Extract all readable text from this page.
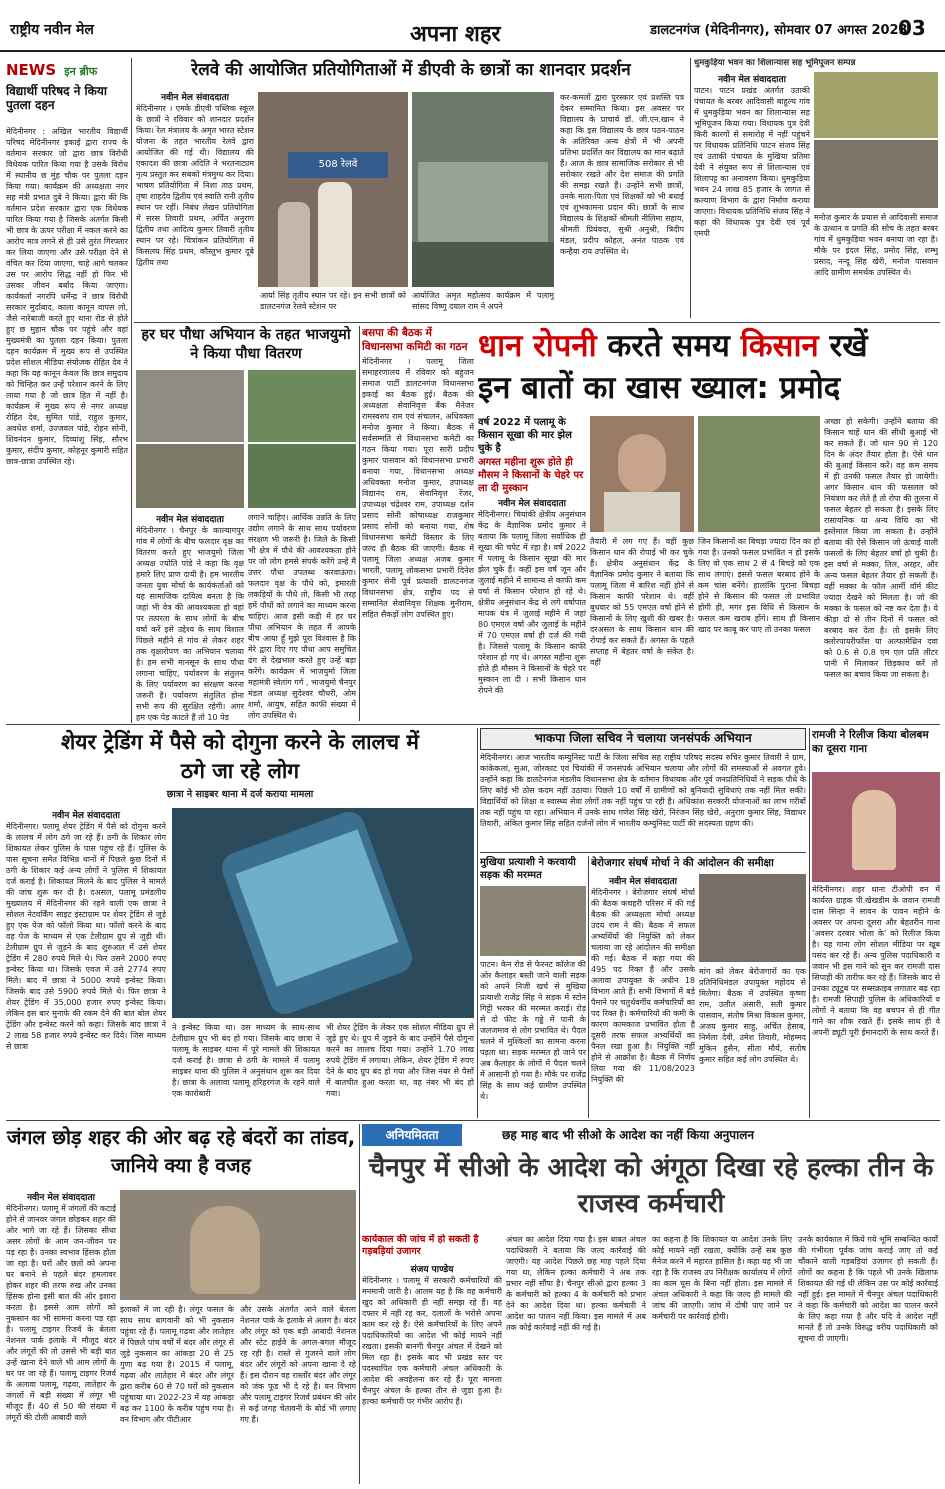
राष्ट्रीय नवीन मेल	अपना शहर	डालटनगंज (मेदिनीनगर), सोमवार 07 अगस्त 2023
03
NEWS इन ब्रीफ
विद्यार्थी परिषद ने किया पुतला दहन
मेदिनीनगर : अखिल भारतीय विद्यार्थी परिषद मेदिनीनगर इकाई द्वारा राज्य के वर्तमान सरकार जो द्वारा छात्र विरोधी विधेयक पारित किया गया है उसके विरोध में स्थानीय छ मुंह चौक पर पुतला दहन किया गया। कार्यक्रम की अध्यक्षता नगर सह मंत्री प्रभात दुबे ने किया। द्वारा की कि वर्तमान प्रदेश सरकार द्वारा एक विधेयक पारित किया गया है जिसके अंतर्गत किसी भी छात्र के ऊपर परीक्षा में नकल करने का आरोप मात्र लगने से ही उसे तुरंत गिरफ्तार कर लिया जाएगा और उसे परीक्षा देने से वंचित कर दिया जाएगा, चाहे आगे चलकर उस पर आरोप सिद्ध नहीं हो फिर भी उसका जीवन बर्बाद किया जाएगा। कार्यकर्ता नगरपि धर्मेन्द्र ने छात्र विरोधी सरकार मुर्दाबाद, काला कानून वापस लो, जैसे नारेबाजी करते हुए थाना रोड से होते हुए छ मुहान चौक पर पहुंचे और वहां मुख्यमंत्री का पुतला दहन किया। पुतला दहन कार्यक्रम में मुख्य रूप से उपस्थित प्रदेश सोशल मीडिया संयोजक रोहित देव ने कहा कि यह कानून केवल कि छात्र समुदाय को चिन्हित कर उन्हें परेशान करने के लिए लाया गया है जो छात्र हित में नहीं है। कार्यक्रम में मुख्य रूप से नगर अध्यक्ष रोहित देव, सुमित पांडे, राहुल कुमार, अवधेश शर्मा, उज्जवल पांडे, रोहन सोनी, शिवनंदन कुमार, दिव्यांशु सिंह, सौरभ कुमार, संदीप कुमार, कोहनूर कुमारी सहित छात्र-छात्रा उपस्थित रहे।
रेलवे की आयोजित प्रतियोगिताओं में डीएवी के छात्रों का शानदार प्रदर्शन
नवीन मेल संवाददाता
मेदिनीनगर । एमके डीएवी पब्लिक स्कूल के छात्रों ने रविवार को शानदार प्रदर्शन किया। रेल मंत्रालय के अमृत भारत स्टेशन योजना के तहत भारतीय रेलवे द्वारा आयोजित की गई थी। विद्यालय की एकादश की छात्रा अदिति ने भरतनाट्यम नृत्य प्रस्तुत कर सबको मंत्रमुग्ध कर दिया। भाषण प्रतियोगिता में निशा ताठ प्रथम, तृषा शाहदेव द्वितीय एवं स्वाति रानी तृतीय स्थान पर रहीं। निबंध लेखन प्रतियोगिता में सरस तिवारी प्रथम, अर्पित अनुराग द्वितीय तथा आदित्य कुमार तिवारी तृतीय स्थान पर रहे। चित्रांकन प्रतियोगिता में किसलय सिंह प्रथम, कौस्तुभ कुमार दूबे द्वितीय तथा
508 रेलवे
आर्या सिंह तृतीय स्थान पर रहे। इन सभी छात्रों को डालटनगंज रेलवे स्टेशन पर
आयोजित अमृत महोत्सव कार्यक्रम में पलामू सांसद विष्णु दयाल राम ने अपने
कर-कमलों द्वारा पुरस्कार एवं प्रशस्ति पत्र देकर सम्मानित किया। इस अवसर पर विद्यालय के प्राचार्य डॉ. जी.एन.खान ने कहा कि इस विद्यालय के छात्र पठन-पाठन के अतिरिक्त अन्य क्षेत्रों में भी अपनी प्रतिभा प्रदर्शित कर विद्यालय का मान बढ़ाते हैं। आज के छात्र सामाजिक सरोकार से भी सरोकार रखते और देश समाज की प्रगति की समझ रखते हैं। उन्होंने सभी छात्रों, उनके माता-पिता एवं शिक्षकों को भी बधाई एवं शुभकामना प्रदान की। छात्रों के साथ विद्यालय के शिक्षकों श्रीमती नीलिमा सहाय, श्रीमती प्रियंवदा, सुश्री अनुश्री, त्रिदीप मंडल, प्रदीप कोहल, अनंत पाठक एवं कन्हैया राय उपस्थित थे।
धुमकुड़िया भवन का शिलान्यास सह भूमिपूजन सम्पन्न
नवीन मेल संवाददाता
पाटन। पाटन प्रखंड अंतर्गत उताकी पंचायत के बरबर आदिवासी बाहुल्य गांव में धुमकुड़िया भवन का शिलान्यास सह भूमिपूजन किया गया। विधायक पुत्र देवी किरी कारगों से समारोह में नहीं पहुंचने पर विधायक प्रतिनिधि पाटन संजय सिंह एवं उताकी पंचायत के मुखिया प्रतिमा देवी ने संयुक्त रूप से शिलान्यास एवं शिलापट्ट का अनावरण किया। धुमकुड़िया भवन 24 लाख 85 हजार के लागत से कल्याण विभाग के द्वारा निर्माण कराया जाएगा। विधायक प्रतिनिधि संजय सिंह ने कहा की विधायक पुत्र देवी एवं पूर्व एमपी
मनोज कुमार के प्रयास से आदिवासी समाज के उत्थान व प्रगति की सोच के तहत बरबर गांव में धुमकुड़िया भवन बनाया जा रहा है। मौके पर इंदल सिंह, प्रमोद सिंह, शम्भु प्रसाद, नन्दू सिंह खेरी, मनोज पासवान आदि ग्रामीण समर्थक उपस्थित थे।
हर घर पौधा अभियान के तहत भाजयुमो ने किया पौधा वितरण
नवीन मेल संवाददाता
मेदिनीनगर । चैनपुर के काल्यागपुर गांव में लोगों के बीच फलदार वृक्ष का वितरण करते हुए भाजयुमो जिला अध्यक्ष ज्योति पांडे ने कहा कि वृक्ष हमारे लिए प्राण दायी है। हम भारतीय जनता युवा मोर्चा के कार्यकर्ताओं को यह सामाजिक दायित्व बनता है कि जहां भी वेत्र की आवश्यकता हो वहां पर तत्परता के साथ लोगों के बीच वर्षा करें इसे उद्देश्य के साथ विशाल पिछले महीने से गांव से लेकर शहर तक वृक्षारोपण का अभियान चलाया है। हम सभी मानसून के साथ पौधा लगाना चाहिए, पर्यावरण के संतुलन के लिए पर्यावरण का संरक्षण करना जरूरी है। पर्यावरण संतुलित होना सभी रूप की सुरक्षित रहेगी। अगर हम एक पेड़ काटते हैं तो 10 पेड़
लगाने चाहिए। आर्थिक उन्नति के लिए उद्योग लगाने के साथ साथ पर्यावरण संरक्षण भी जरूरी है। जिले के किसी भी क्षेत्र में पौधे की आवश्यकता होने पर जो लोग हमसे संपर्क करेंगे उन्हें मैं उत्तर पौधा उपलब्ध करवाऊंगा। फलदार वृक्ष के पौधे को, इमारती लकड़ियों के पौधे तो, किसी भी तरह हमें पौधों को लगाने का माध्यम करना चाहिए। आज इसी कड़ी में हर घर पौधा अभियान के तहत मैं आपके बीच आया हूँ मुझे पूरा विश्वास है कि मेरे द्वारा दिए गए पौधा आप समुचित ढंग से देखभाल करते हुए उन्हें बड़ा करेंगे। कार्यक्रम में भाजयुमो जिला महामंत्री स्वेतांग गर्ग , भाजयुमो चैनपुर मंडल अध्यक्ष सुदेश्वर चौधरी, ओम शर्मा, आयुष, सहित काफी संख्या में लोग उपस्थित थे।
बसपा की बैठक में विधानसभा कमिटी का गठन
मेदिनीनगर । पलामू जिला समाहरणालय में रविवार को बहुजन समाज पार्टी डालटनगंज विधानसभा इकाई का बैठक हुई। बैठक की अध्यक्षता सेवानिवृत्त बैंक मैनेजर रामस्वरुप राम एवं संचालन, अधिवक्ता मनोज कुमार ने किया। बैठक में सर्वसम्मति से विधानसभा कमेटी का गठन किया गया। पूरा सारी प्रदीप कुमार पासवान को विधानसभा प्रभारी बनाया गया, विधानसभा अध्यक्ष अधिवक्ता मनोज कुमार, उपाध्यक्ष विद्यानंद राम, सेवानिवृत्त रेंजर, उपाध्यक्ष चंद्रेश्वर राम, उपाध्यक्ष दर्शन प्रसाद सोनी कोषाध्यक्ष राजकुमार प्रसाद सोनी को बनाया गया, शेष विधानसभा कमेटी विस्तार के लिए जल्द ही बैठक की जाएगी। बैठक में पलामू जिला अध्यक्ष अजब कुमार भारती, पलामू लोकसभा प्रभारी दिनेश कुमार सेनी पूर्व प्रत्याशी डालटनगंज विधानसभा क्षेत्र, राष्ट्रीय पद से सम्मानित सेवानिवृत्त शिक्षक मुनीराम, सहित सैकड़ों लोग उपस्थित हुए।
धान रोपनी करते समय किसान रखें
इन बातों का खास ख्याल: प्रमोद
वर्ष 2022 में पलामू के किसान सूखा की मार झेल चुके है
अगस्त महीना शुरू होते ही मौसम ने किसानों के चेहरे पर ला दी मुस्कान
नवीन मेल संवाददाता
मेदिनीनगर। चियांकी क्षेत्रीय अनुसंधान केंद्र के वैज्ञानिक प्रमोद कुमार ने बताया कि पलामू जिला सर्वाधिक ही सूखा की चपेट में रहा है। वर्ष 2022 में पलामू के किसान सूखा की मार झेल चुके हैं। कहीं इस वर्ष जून और जुलाई महीने में सामान्य से काफी कम वर्षा से किसान परेशान हो रहे थे। क्षेत्रीय अनुसंधान केंद्र से लगे वर्षापात मापक यंत्र में जुलाई महीने में जहां 80 एमएल वर्षा और जुलाई के महीने में 70 एमएल वर्षा ही दर्ज की गयी है। जिससे पलामू के किसान काफी परेशान हो गए थे। अगस्त महीना शुरू होते ही मौसम ने किसानों के चेहरे पर मुस्कान ला दी । सभी किसान धान रोपने की
तैयारी में लग गए हैं। वहीं कुछ किसान धान की रोपाई भी कर चुके हैं। क्षेत्रीय अनुसंधान केंद्र के वैज्ञानिक प्रमोद कुमार ने बताया कि पलामू जिला में बारिश नहीं होने से किसान काफी परेशान थे। वहीं बुधवार को 55 एमएल वर्षा होने से किसानों के लिए खुशी की खबर है। दरअसल के साथ किसान धान की रोपाई कर सकते हैं। अगस्त के पहले सप्ताह में बेहतर वर्षा के संकेत है। वहीं
जिन किसानों का बिचड़ा ज्यादा दिन का हो गया है। उनको फसल प्रभावित न हो इसके लिए वो एक साथ 2 से 4 बिचड़े को एक साथ लगाएं। इससे फसल बरबाद होने के कम चांस बनेंगे। हालांकि पुराना बिचड़ा होने से किसान की फसल तो प्रभावित होगी ही, मगर इस विधि से किसान के फसल कम खराब होंगे। साथ ही किसान खाद पर काबू कर पाए तो उनका फसल
अच्छा हो सकेगी। उन्होंने बताया की किसान चाहें धान की सीधी बुआई भी कर सकते हैं। जो धान 90 से 120 दिन के अंदर तैयार होता है। ऐसे धान की बुआई किसान करें। वह कम समय में ही उनकी फसल तैयार हो जायेगी। अगर किसान धान की फसलल को नियंत्रण कर लेते है तो रोपा की तुलना में फसल बेहतर हो सकता है। इसके लिए रासायनिक या अन्य विधि का भी इस्तेमाल किया जा सकता है। उन्होंने बताया की ऐसे किसान जो ऊंचाई वाली फसलों के लिए बेहतर वर्षा हो चुकी है। इस वर्षा से मक्का, तिल, अरहर, और अन्य फसल बेहतर तैयार हो सकती है। वहीं मक्का के फॉल आर्मी वॉर्म कीट ज्यादा देखने को मिलता है। जो की मक्का के फसल को नष्ट कर देता है। ये कीड़ा दो से तीन दिनों में फसल को बरबाद कर देता है। तो इसके लिए क्लोरपायरीफॉस या अल्फामेथ्रिन दवा को 0.6 से 0.8 एम एल प्रति लीटर पानी में मिलाकर छिड़काव करें तो फसल का बचाव किया जा सकता है।
शेयर ट्रेडिंग में पैसे को दोगुना करने के लालच में ठगे जा रहे लोग
छात्रा ने साइबर थाना में दर्ज कराया मामला
नवीन मेल संवाददाता
मेदिनीनगर। पलामू शेयर ट्रेडिंग में पैसे को दोगुना करने के लालच में लोग ठगे जा रहे हैं। ठगी के शिकार लोग शिकायत लेकर पुलिस के पास पहुंच रहे हैं। पुलिस के पास सूचना समेत विभिन्न थानों में पिछले कुछ दिनों में ठगी के शिकार कई अन्य लोगों ने पुलिस में शिकायत दर्ज कराई है। शिकायत मिलने के बाद पुलिस ने मामले की जांच शुरू कर दी है। दअसल, पलामू प्रमंडलीय मुख्यालय में मेदिनीनगर की रहने वाली एक छात्रा ने सोशल नेटवर्किंग साइट इंस्टाग्राम पर शेयर ट्रेडिंग से जुड़े हुए एक पेज को फॉलो किया था। फॉलो करने के बाद वह पेज के माध्यम से एक टेलीग्राम ग्रुप से जुड़ी थी। टेलीग्राम ग्रुप से जुड़ने के बाद शुरुआत में उसे शेयर ट्रेडिंग में 280 रुपये मिले थे। फिर उसने 2000 रुपए इन्वेस्ट किया था। जिसके एवज में उसे 2774 रुपए मिले। बाद में छात्रा ने 5000 रुपये इन्वेस्ट किया। जिसके बाद उसे 5900 रुपये मिले थे। फिर छात्रा ने शेयर ट्रेडिंग में 35,000 हजार रुपए इन्वेस्ट किया। लेकिन इस बार मुनाफे की रकम देने की बात बोल शेयर ट्रेडिंग और इन्वेस्ट करने को कहा। जिसके बाद छात्रा ने 2 लाख 58 हजार रुपये इन्वेस्ट कर दिये। जिस माध्यम से छात्रा
ने इन्वेस्ट किया था। उस माध्यम के साथ-साथ टेलीग्राम ग्रुप भी बंद हो गया। जिसके बाद छात्रा ने पलामू के साइबर थाना में पूरे मामले की शिकायत दर्ज कराई है। छात्रा से ठगी के मामले में पलामू साइबर थाना की पुलिस ने अनुसंधान शुरू कर दिया है। छात्रा के अलावा पलामू हरिहरगंज के रहने वाले एक कारोबारी
भी शेयर ट्रेडिंग के लेकर एक सोशल मीडिया ग्रुप से जुड़े हुए थे। ग्रुप में जुड़ने के बाद उन्होंने पैसे दोगुना करने का लालच दिया गया। उन्होंने 1.70 लाख रुपये ट्रेडिंग में लगाया। लेकिन, शेयर ट्रेडिंग में रुपए देने के बाद ग्रुप बंद हो गया और जिस नंबर से पैसों में बातचीत हुआ करता था, वह नंबर भी बंद हो गया।
भाकपा जिला सचिव ने चलाया जनसंपर्क अभियान
मेदिनीनगर। आज भारतीय कम्युनिस्ट पार्टी के जिला सचिव सह राष्ट्रीय परिषद सदस्य रुचिर कुमार तिवारी ने ग्राम, कांकेकलां, सुआ, जोरकाट एवं चियांकी में जनसंपर्क अभियान चलाया और लोगों की समस्याओं से अवगत हुवे। उन्होंने कहा कि डालटेनगंज मंडलीय विधानसभा क्षेत्र के वर्तमान विधायक और पूर्व जनप्रतिनिधियों ने सड़क पौधे के लिए कोई भी ठोस कदम नहीं उठाया। पिछले 10 वर्षों में ग्रामीणों को बुनियादी सुविधाएं तक नहीं मिल सकी। विद्यार्थियों को शिक्षा व स्वास्थ्य सेवा लोगों तक नहीं पहुंच पा रही है। अधिकांश सरकारी योजनाओं का लाभ गरीबों तक नहीं पहुंच पा रहा। अभियान में उनके साथ गणेश सिंह खेरो, निरंजन सिंह खेरो, अनुराग कुमार सिंह, विद्याधर तिवारी, अंकित कुमार सिंह सहित दर्जनों लोग में भारतीय कम्युनिस्ट पार्टी की सदस्यता ग्रहण की।
रामजी ने रिलीज किया बोलबम का दूसरा गाना
मेदिनीनगर। शहर थाना टीओपी वन में कार्यरत ग्राहक पी.खेखडीम के जवान रामजी दास सिन्हा ने सावन के पावन महीने के अवसर पर अपना दूसरा और बेहतरीन गाना 'अवसर दरबार भोला के' को रिलीज किया है। यह गाना लोग सोशल मीडिया पर खूब पसंद कर रहे हैं। अन्य पुलिस पदाधिकारी व जवान भी इस गाने को सुन कर रामजी दास सिपाही की तारीफ कर रहे हैं। जिसके बाद से उनका ट्यूटुब पर सब्सक्राइब लगातार बढ़ रहा है। रामजी सिपाही पुलिस के अधिकारियों व लोगों ने बताया कि वह बचपन से ही गीत गाने का शौक रखते हैं। इसके साथ ही वे अपनी ड्यूटी पूरी ईमानदारी के साथ करते हैं।
मुखिया प्रत्याशी ने करवायी सड़क की मरम्मत
पाटन। केन रोड से फेरनट कॉलेज की ओर कैलाहर बस्ती जाने वाली सड़क को अपने निजी खर्च से मुखिया प्रत्याशी राजेंद्र सिंह ने सड़क में स्टोन गिट्टी भरकर की मरम्मत कराई। रोड़ से दो फीट के गड्ढे में पानी के जलजमाव से लोग प्रभावित थे। पैदल चलने में मुश्किलों का सामना करना पड़ता था। सड़क मरम्मत हो जाने पर अब कैलाहर के लोगों में पैदल चलने में आसानी हो गया है। मौके पर राजेंद्र सिंह के साथ कई ग्रामीण उपस्थित थे।
बेरोजगार संघर्ष मोर्चा ने की आंदोलन की समीक्षा
नवीन मेल संवाददाता
मेदिनीनगर । बेरोजगार संघर्ष मोर्चा की बैठक कचहरी परिसर में की गई बैठक की अध्यक्षता मोर्चा अध्यक्ष उदय राम ने की। बैठक में सफल अभ्यर्थियों की नियुक्ति को लेकर चलाया जा रहे आंदोलन की समीक्षा की गई। बैठक में कहा गया की 495 पद रिक्त हैं और उसके अलावा उपायुक्त के अधीन 18 विभाग आते हैं। सभी विभागों में बड़े पैमाने पर चतुर्थवर्गीय कर्मचारियों का पद रिक्त है। कर्मचारियों की कमी के कारण कामकाज प्रभावित होता है दूसरी तरफ सफल अभ्यर्थियों का पैनल रखा हुआ है। नियुक्ति नहीं होने से आक्रोश है। बैठक में निर्णय लिया गया की 11/08/2023 नियुक्ति की
मांग को लेकर बेरोजगारों का एक प्रतिनिधिमंडल उपायुक्त महोदय से मिलेगा। बैठक में उपस्थित कृष्णा राम, उलीत अंसारी, सती कुमार पासवान, संतोष मिश्रा विकास कुमार, अजय कुमार साहु, अर्चित हेसाब, निर्मला देवी, उमेश तिवारी, मोहम्मद मुकिन हुसैन, सीता मौर्य, संतोष कुमार सहित कई लोग उपस्थित थे।
जंगल छोड़ शहर की ओर बढ़ रहे बंदरों का तांडव, जानिये क्या है वजह
नवीन मेल संवाददाता
मेदिनीनगर। पलामू में जंगलों की कटाई होने से जानवर जंगल छोड़कर शहर की ओर भागे जा रहे हैं। जिसका सीधा असर लोगों के आम जन-जीवन पर पड़ रहा है। उनका स्वभाव हिंसक होता जा रहा है। घरों और छतों को अपना घर बनाने से पहले बंदर हमलावर होकर शहर की तरफ रुख और उनका हिंसक होना इसी बात की ओर इशारा करता है। इससे आम लोगों को नुकसान का भी सामना करना पड़ रहा है। पलामू टाइगर रिजर्व के बेतला नेशनल पार्क इलाके में मौजूद बंदर और लंगूरों की तो उससे भी बड़ी बात उन्हें खाना देने वाले भी आम लोगों के घर पर जा रहे हैं। पलामू टाइगर रिजर्व के अलावा पलामू, गढ़वा, लातेहार के जंगलों में बड़ी संख्या में लंगूर भी मौजूद हैं। 40 से 50 की संख्या में लंगूरों की टोली आबादी वाले
इलाकों में जा रही है। लंगूर फसल के साथ साथ बागवानी को भी नुकसान पहुंचा रहे हैं। पलामू गढ़वा और लातेहार में पिछले पांच वर्षों में बंदर और लंगूर से जुड़े नुकसान का आंकड़ा 20 से 25 गुणा बढ़ गया है। 2015 में पलामू, गढ़वा और लातेहार में बंदर और लंगूर द्वारा करीब 60 से 70 घरों को नुकसान पहुंचाया था। 2022-23 में यह आंकड़ा बढ़ कर 1100 के करीब पहुंच गया है। वन विभाग और पीटीआर
और उसके अंतर्गत आने वाले बेतला नेशनल पार्क के इलाके से अलग है। बंदर और लंगूर को एक बड़ी आबादी नेशनल और स्टेट हाईवे के अगल-बगल मौजूद रह रही है। रास्ते से गुजरने वाले लोग बंदर और लंगूरों को अपना खाना दे रहे हैं। इस दौरान वह रास्तोंर बंदर और लंगूर को जंक फूड भी दे रहे हैं। वन विभाग और पलामू टाइगर रिजर्व प्रबंधन की ओर से कई जगह चेतावनी के बोर्ड भी लगाए गए हैं।
अनियमितता	छह माह बाद भी सीओ के आदेश का नहीं किया अनुपालन
चैनपुर में सीओ के आदेश को अंगूठा दिखा रहे हल्का तीन के राजस्व कर्मचारी
कार्यकाल की जांच में हो सकती है गड़बड़ियां उजागर
संजय पाण्डेय
मेदिनीनगर । पलामू में सरकारी कर्मचारियों की मनमानी जारी है। आलम यह है कि वह कर्मचारी खुद को अधिकारी ही नहीं समझ रहे हैं। वह दफ्तर में नहीं रह कर, दलालों के भरोसे अपना काम कर रहे हैं। ऐसे कर्मचारियों के लिए अपने पदाधिकारियों का आदेश भी कोई मायने नहीं रखता। इसकी बानगी चैनपुर अंचल में देखने को मिल रहा है। इसके बाद भी प्रखंड स्तर पर पदस्थापित एक कर्मचारी अंचल अधिकारी के आदेश की अवहेलना कर रहे हैं। पूरा मामला चैनपुर अंचल के हल्का तीन से जुड़ा हुआ है। हल्का कर्मचारी पर गंभीर आरोप हैं।
अंचल का आदेश दिया गया है। इस बाबत अंचल पदाधिकारी ने बताया कि जल्द कार्रवाई की जाएगी। यह आदेश पिछले छह माह पहले दिया गया था, लेकिन हल्का कर्मचारी ने अब तक प्रभार नहीं सौंपा है। चैनपुर सीओ द्वारा हल्का 3 के कर्मचारी को हल्का 4 के कर्मचारी को प्रभार देने का आदेश दिया था। हल्का कर्मचारी ने आदेश का पालन नहीं किया। इस मामले में अब तक कोई कार्रवाई नहीं की गई है।
का कहना है कि शिकायत या आदेश उनके लिए कोई मायने नहीं रखता, क्योंकि उन्हें सब कुछ मैनेज करने में महारत हासिल है। कहा यह भी जा रहा है कि राजस्व उप निरीक्षक कार्यालय में लोगों का काम घूस के बिना नहीं होता। इस मामले में अंचल अधिकारी ने कहा कि जल्द ही मामले की जांच की जाएगी। जांच में दोषी पाए जाने पर कर्मचारी पर कार्रवाई होगी।
उनके कार्यकाल में किये गये भूमि सम्बन्धित कार्यों की गंभीरता पूर्वक जांच कराई जाए तो कई चौंकाने वाली गड़बड़ियां उजागर हो सकती हैं। लोगों का कहना है कि पहले भी उनके खिलाफ शिकायत की गई थी लेकिन उस पर कोई कार्रवाई नहीं हुई। इस मामले में चैनपुर अंचल पदाधिकारी ने कहा कि कर्मचारी को आदेश का पालन करने के लिए कहा गया है और यदि वे आदेश नहीं मानते हैं तो उनके विरुद्ध वरीय पदाधिकारी को सूचना दी जाएगी।
